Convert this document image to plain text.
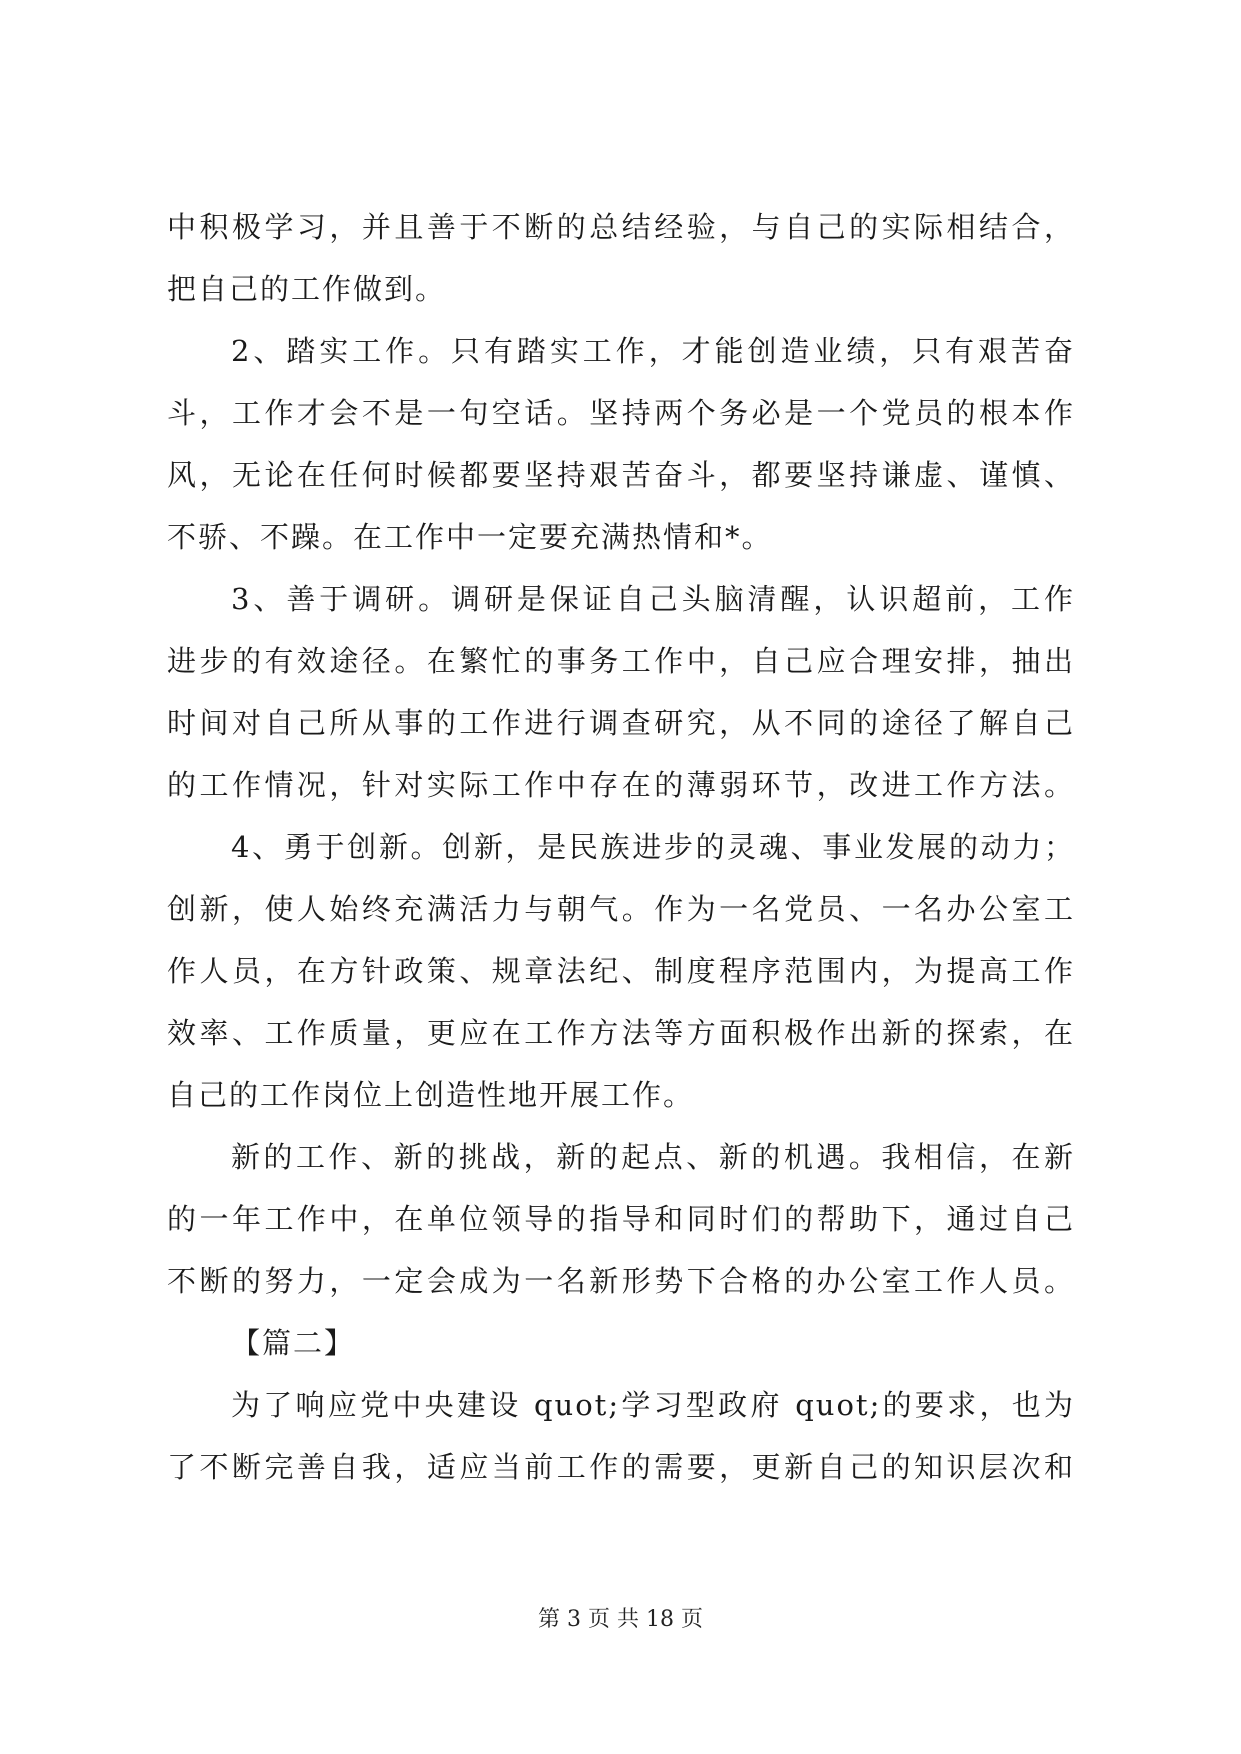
中积极学习，并且善于不断的总结经验，与自己的实际相结合，
把自己的工作做到。
2、踏实工作。只有踏实工作，才能创造业绩，只有艰苦奋
斗，工作才会不是一句空话。坚持两个务必是一个党员的根本作
风，无论在任何时候都要坚持艰苦奋斗，都要坚持谦虚、谨慎、
不骄、不躁。在工作中一定要充满热情和*。
3、善于调研。调研是保证自己头脑清醒，认识超前，工作
进步的有效途径。在繁忙的事务工作中，自己应合理安排，抽出
时间对自己所从事的工作进行调查研究，从不同的途径了解自己
的工作情况，针对实际工作中存在的薄弱环节，改进工作方法。
4、勇于创新。创新，是民族进步的灵魂、事业发展的动力；
创新，使人始终充满活力与朝气。作为一名党员、一名办公室工
作人员，在方针政策、规章法纪、制度程序范围内，为提高工作
效率、工作质量，更应在工作方法等方面积极作出新的探索，在
自己的工作岗位上创造性地开展工作。
新的工作、新的挑战，新的起点、新的机遇。我相信，在新
的一年工作中，在单位领导的指导和同时们的帮助下，通过自己
不断的努力，一定会成为一名新形势下合格的办公室工作人员。
【篇二】
为了响应党中央建设 quot;学习型政府 quot;的要求，也为
了不断完善自我，适应当前工作的需要，更新自己的知识层次和
第 3 页 共 18 页
